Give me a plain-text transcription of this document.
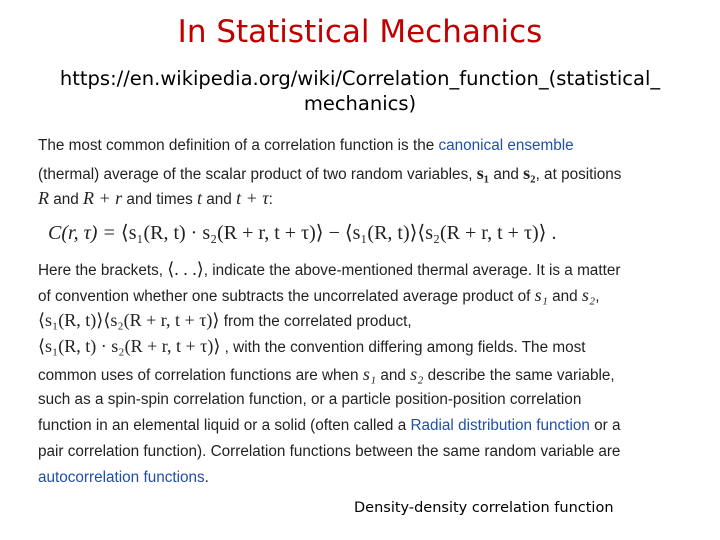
In Statistical Mechanics
https://en.wikipedia.org/wiki/Correlation_function_(statistical_
mechanics)
The most common definition of a correlation function is the canonical ensemble
(thermal) average of the scalar product of two random variables, s₁ and s₂, at positions
R and R + r and times t and t + τ:
C(r, τ) = ⟨s₁(R, t) · s₂(R + r, t + τ)⟩ − ⟨s₁(R, t)⟩⟨s₂(R + r, t + τ)⟩ .
Here the brackets, ⟨. . .⟩, indicate the above-mentioned thermal average. It is a matter
of convention whether one subtracts the uncorrelated average product of s₁ and s₂,
⟨s₁(R, t)⟩⟨s₂(R + r, t + τ)⟩ from the correlated product,
⟨s₁(R, t) · s₂(R + r, t + τ)⟩ , with the convention differing among fields. The most
common uses of correlation functions are when s₁ and s₂ describe the same variable,
such as a spin-spin correlation function, or a particle position-position correlation
function in an elemental liquid or a solid (often called a Radial distribution function or a
pair correlation function). Correlation functions between the same random variable are
autocorrelation functions.
Density-density correlation function
